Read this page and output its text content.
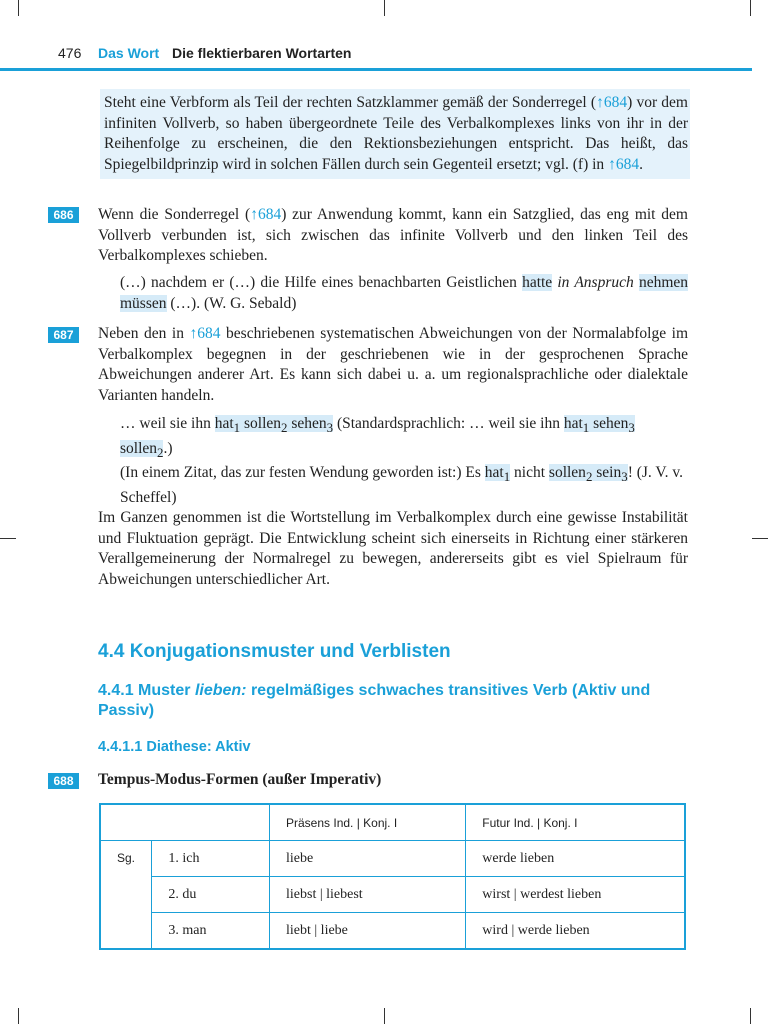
476 Das Wort Die flektierbaren Wortarten
Steht eine Verbform als Teil der rechten Satzklammer gemäß der Sonderregel (↑684) vor dem infiniten Vollverb, so haben übergeordnete Teile des Verbalkomplexes links von ihr in der Reihenfolge zu erscheinen, die den Rektionsbeziehungen entspricht. Das heißt, das Spiegelbildprinzip wird in solchen Fällen durch sein Gegenteil ersetzt; vgl. (f) in ↑684.
686	Wenn die Sonderregel (↑684) zur Anwendung kommt, kann ein Satzglied, das eng mit dem Vollverb verbunden ist, sich zwischen das infinite Vollverb und den linken Teil des Verbalkomplexes schieben.
(…) nachdem er (…) die Hilfe eines benachbarten Geistlichen hatte in Anspruch nehmen müssen (…). (W. G. Sebald)
687	Neben den in ↑684 beschriebenen systematischen Abweichungen von der Normalabfolge im Verbalkomplex begegnen in der geschriebenen wie in der gesprochenen Sprache Abweichungen anderer Art. Es kann sich dabei u. a. um regionalsprachliche oder dialektale Varianten handeln.
… weil sie ihn hat$_1$ sollen$_2$ sehen$_3$ (Standardsprachlich: … weil sie ihn hat$_1$ sehen$_3$ sollen$_2$.)
(In einem Zitat, das zur festen Wendung geworden ist:) Es hat$_1$ nicht sollen$_2$ sein$_3$! (J. V. v. Scheffel)
Im Ganzen genommen ist die Wortstellung im Verbalkomplex durch eine gewisse Instabilität und Fluktuation geprägt. Die Entwicklung scheint sich einerseits in Richtung einer stärkeren Verallgemeinerung der Normalregel zu bewegen, andererseits gibt es viel Spielraum für Abweichungen unterschiedlicher Art.
4.4 Konjugationsmuster und Verblisten
4.4.1 Muster lieben: regelmäßiges schwaches transitives Verb (Aktiv und Passiv)
4.4.1.1 Diathese: Aktiv
688	Tempus-Modus-Formen (außer Imperativ)
		Präsens Ind. | Konj. I	Futur Ind. | Konj. I
Sg.	1. ich	liebe	werde lieben
	2. du	liebst | liebest	wirst | werdest lieben
	3. man	liebt | liebe	wird | werde lieben
